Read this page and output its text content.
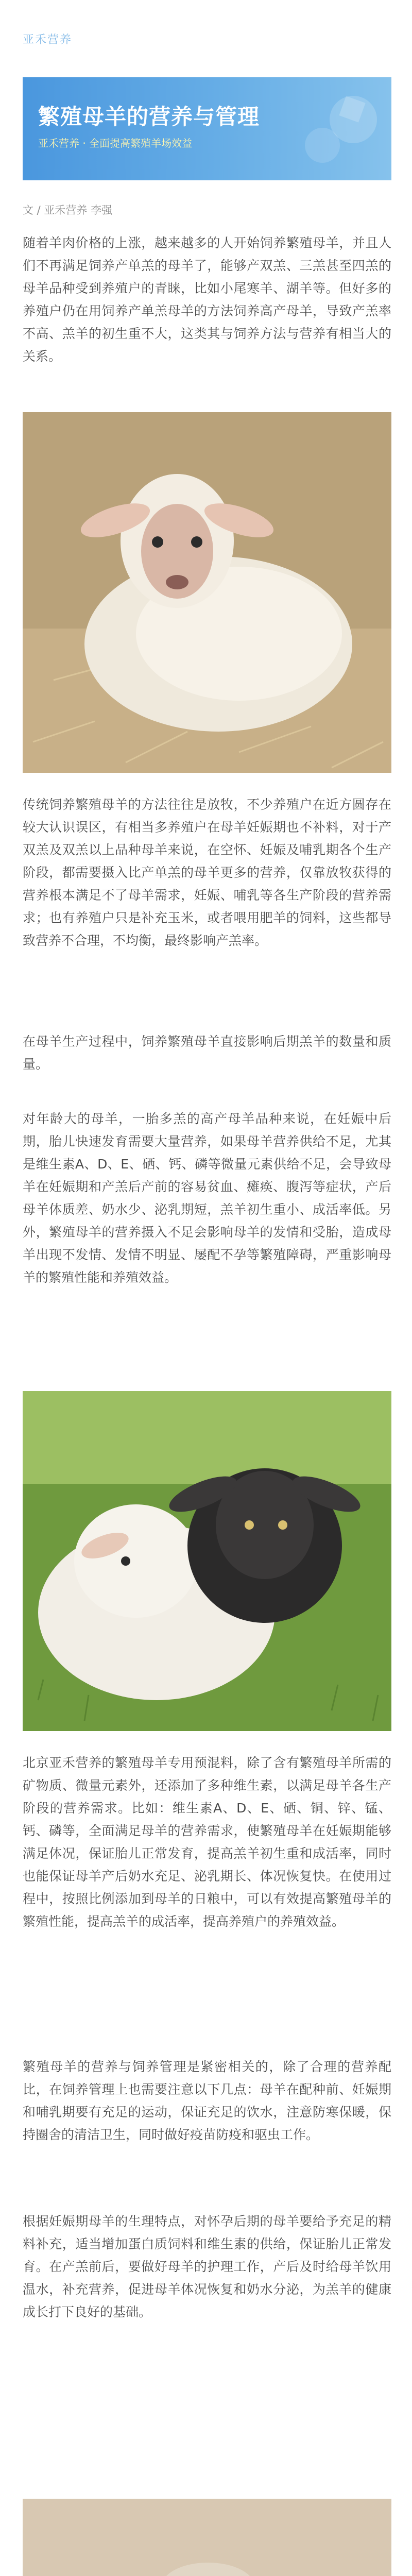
亚禾营养
繁殖母羊的营养与管理
亚禾营养 · 全面提高繁殖羊场效益
文 / 亚禾营养 李强

随着羊肉价格的上涨，越来越多的人开始饲养繁殖母羊，并且人们不再满足饲养产单羔的母羊了，能够产双羔、三羔甚至四羔的母羊品种受到养殖户的青睐，比如小尾寒羊、湖羊等。但好多的养殖户仍在用饲养产单羔母羊的方法饲养高产母羊，导致产羔率不高、羔羊的初生重不大，这类其与饲养方法与营养有相当大的关系。

传统饲养繁殖母羊的方法往往是放牧，不少养殖户在近方圆存在较大认识误区，有相当多养殖户在母羊妊娠期也不补料，对于产双羔及双羔以上品种母羊来说，在空怀、妊娠及哺乳期各个生产阶段，都需要摄入比产单羔的母羊更多的营养，仅靠放牧获得的营养根本满足不了母羊需求，妊娠、哺乳等各生产阶段的营养需求；也有养殖户只是补充玉米，或者喂用肥羊的饲料，这些都导致营养不合理，不均衡，最终影响产羔率。

在母羊生产过程中，饲养繁殖母羊直接影响后期羔羊的数量和质量。

对年龄大的母羊，一胎多羔的高产母羊品种来说，在妊娠中后期，胎儿快速发育需要大量营养，如果母羊营养供给不足，尤其是维生素A、D、E、硒、钙、磷等微量元素供给不足，会导致母羊在妊娠期和产羔后产前的容易贫血、瘫痪、腹泻等症状，产后母羊体质差、奶水少、泌乳期短，羔羊初生重小、成活率低。另外，繁殖母羊的营养摄入不足会影响母羊的发情和受胎，造成母羊出现不发情、发情不明显、屡配不孕等繁殖障碍，严重影响母羊的繁殖性能和养殖效益。

北京亚禾营养的繁殖母羊专用预混料，除了含有繁殖母羊所需的矿物质、微量元素外，还添加了多种维生素，以满足母羊各生产阶段的营养需求。比如：维生素A、D、E、硒、铜、锌、锰、钙、磷等，全面满足母羊的营养需求，使繁殖母羊在妊娠期能够满足体况，保证胎儿正常发育，提高羔羊初生重和成活率，同时也能保证母羊产后奶水充足、泌乳期长、体况恢复快。在使用过程中，按照比例添加到母羊的日粮中，可以有效提高繁殖母羊的繁殖性能，提高羔羊的成活率，提高养殖户的养殖效益。

繁殖母羊的营养与饲养管理是紧密相关的，除了合理的营养配比，在饲养管理上也需要注意以下几点：母羊在配种前、妊娠期和哺乳期要有充足的运动，保证充足的饮水，注意防寒保暖，保持圈舍的清洁卫生，同时做好疫苗防疫和驱虫工作。

根据妊娠期母羊的生理特点，对怀孕后期的母羊要给予充足的精料补充，适当增加蛋白质饲料和维生素的供给，保证胎儿正常发育。在产羔前后，要做好母羊的护理工作，产后及时给母羊饮用温水，补充营养，促进母羊体况恢复和奶水分泌，为羔羊的健康成长打下良好的基础。
